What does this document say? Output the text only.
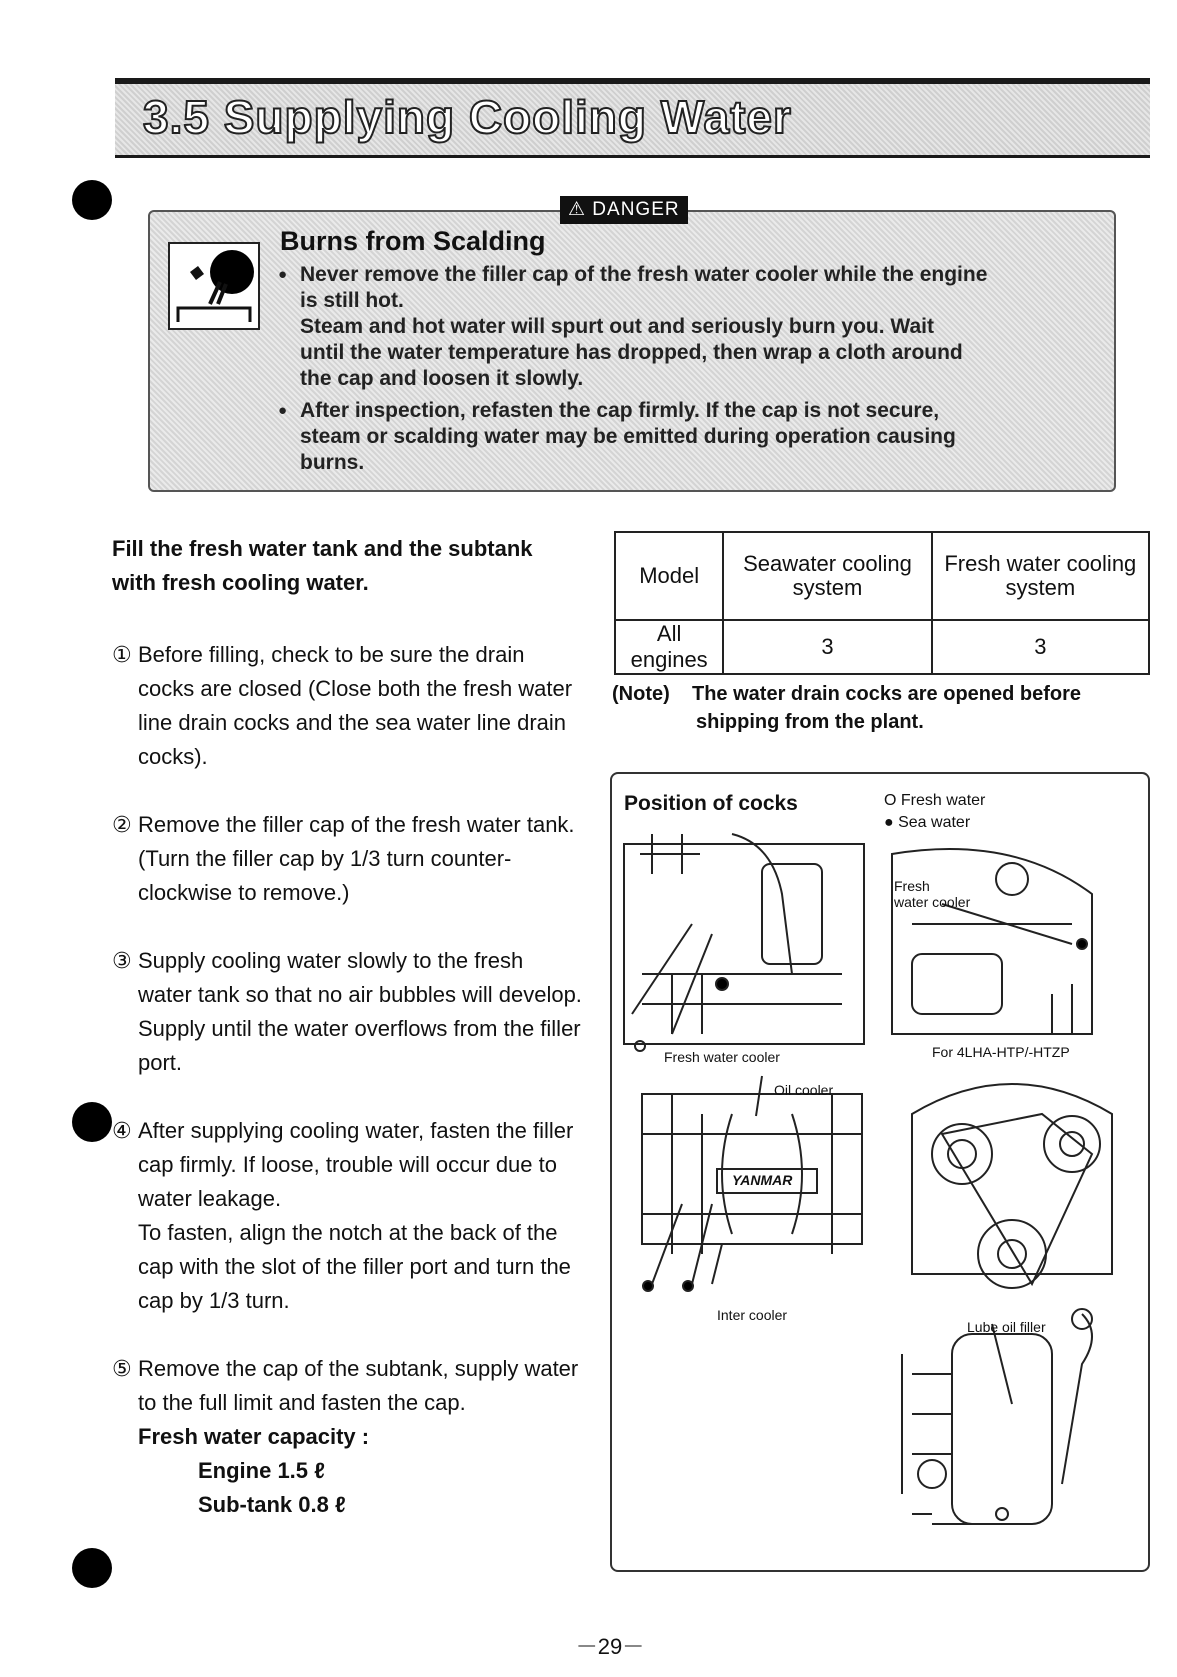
3.5 Supplying Cooling Water
⚠ DANGER
Burns from Scalding
● Never remove the filler cap of the fresh water cooler while the engine
is still hot.
Steam and hot water will spurt out and seriously burn you. Wait
until the water temperature has dropped, then wrap a cloth around
the cap and loosen it slowly.
● After inspection, refasten the cap firmly. If the cap is not secure,
steam or scalding water may be emitted during operation causing
burns.
Fill the fresh water tank and the subtank
with fresh cooling water.
① Before filling, check to be sure the drain cocks are closed (Close both the fresh water line drain cocks and the sea water line drain cocks).
② Remove the filler cap of the fresh water tank. (Turn the filler cap by 1/3 turn counter-clockwise to remove.)
③ Supply cooling water slowly to the fresh water tank so that no air bubbles will develop. Supply until the water overflows from the filler port.
④ After supplying cooling water, fasten the filler cap firmly. If loose, trouble will occur due to water leakage.
To fasten, align the notch at the back of the cap with the slot of the filler port and turn the cap by 1/3 turn.
⑤ Remove the cap of the subtank, supply water to the full limit and fasten the cap.
Fresh water capacity :
Engine 1.5 ℓ
Sub-tank 0.8 ℓ
Model	Seawater cooling system	Fresh water cooling system
All engines	3	3
(Note) The water drain cocks are opened before
shipping from the plant.
Position of cocks	O Fresh water
● Sea water
Fresh water cooler
Fresh
water cooler
For 4LHA-HTP/-HTZP
Oil cooler
YANMAR
Inter cooler
Lube oil filler
－29－
